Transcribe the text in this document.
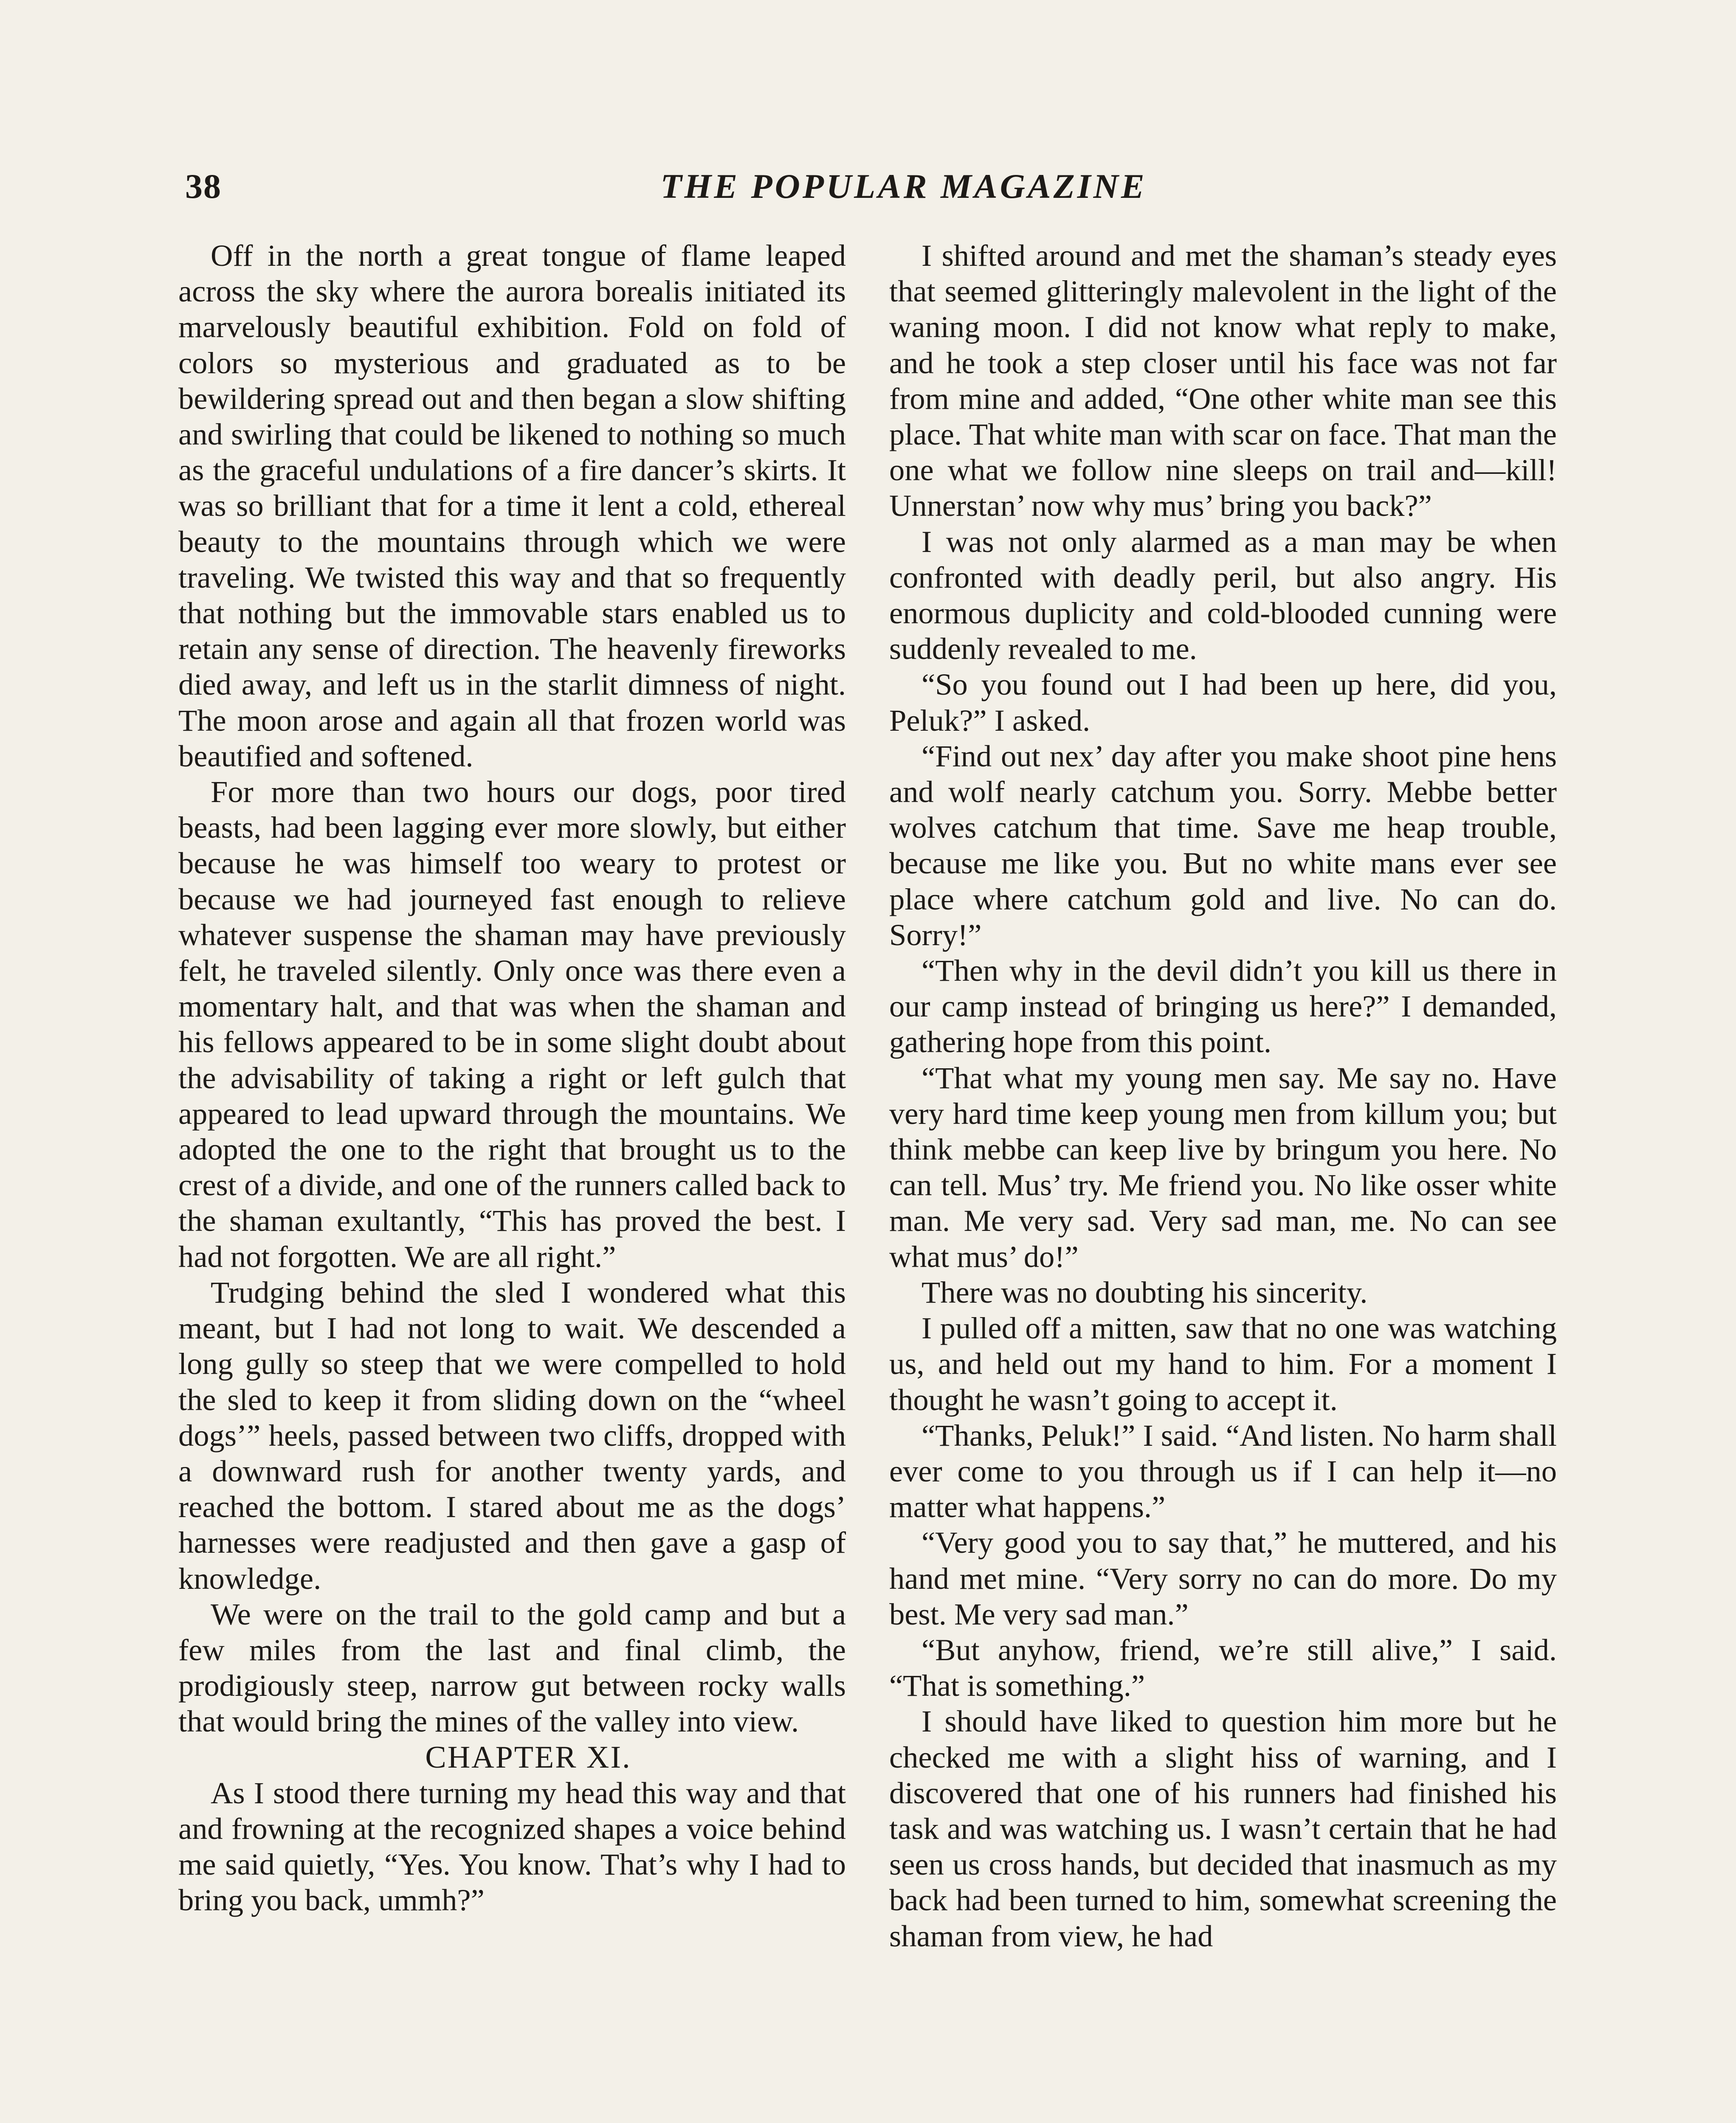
38	THE POPULAR MAGAZINE

Off in the north a great tongue of flame leaped across the sky where the aurora borealis initiated its marvelously beautiful exhibition. Fold on fold of colors so mysterious and graduated as to be bewildering spread out and then began a slow shifting and swirling that could be likened to nothing so much as the graceful undulations of a fire dancer’s skirts. It was so brilliant that for a time it lent a cold, ethereal beauty to the mountains through which we were traveling. We twisted this way and that so frequently that nothing but the immovable stars enabled us to retain any sense of direction. The heavenly fireworks died away, and left us in the starlit dimness of night. The moon arose and again all that frozen world was beautified and softened.

For more than two hours our dogs, poor tired beasts, had been lagging ever more slowly, but either because he was himself too weary to protest or because we had journeyed fast enough to relieve whatever suspense the shaman may have previously felt, he traveled silently. Only once was there even a momentary halt, and that was when the shaman and his fellows appeared to be in some slight doubt about the advisability of taking a right or left gulch that appeared to lead upward through the mountains. We adopted the one to the right that brought us to the crest of a divide, and one of the runners called back to the shaman exultantly, “This has proved the best. I had not forgotten. We are all right.”

Trudging behind the sled I wondered what this meant, but I had not long to wait. We descended a long gully so steep that we were compelled to hold the sled to keep it from sliding down on the “wheel dogs’” heels, passed between two cliffs, dropped with a downward rush for another twenty yards, and reached the bottom. I stared about me as the dogs’ harnesses were readjusted and then gave a gasp of knowledge.

We were on the trail to the gold camp and but a few miles from the last and final climb, the prodigiously steep, narrow gut between rocky walls that would bring the mines of the valley into view.

CHAPTER XI.

As I stood there turning my head this way and that and frowning at the recognized shapes a voice behind me said quietly, “Yes. You know. That’s why I had to bring you back, ummh?”

I shifted around and met the shaman’s steady eyes that seemed glitteringly malevolent in the light of the waning moon. I did not know what reply to make, and he took a step closer until his face was not far from mine and added, “One other white man see this place. That white man with scar on face. That man the one what we follow nine sleeps on trail and—kill! Unnerstan’ now why mus’ bring you back?”

I was not only alarmed as a man may be when confronted with deadly peril, but also angry. His enormous duplicity and cold-blooded cunning were suddenly revealed to me.

“So you found out I had been up here, did you, Peluk?” I asked.

“Find out nex’ day after you make shoot pine hens and wolf nearly catchum you. Sorry. Mebbe better wolves catchum that time. Save me heap trouble, because me like you. But no white mans ever see place where catchum gold and live. No can do. Sorry!”

“Then why in the devil didn’t you kill us there in our camp instead of bringing us here?” I demanded, gathering hope from this point.

“That what my young men say. Me say no. Have very hard time keep young men from killum you; but think mebbe can keep live by bringum you here. No can tell. Mus’ try. Me friend you. No like osser white man. Me very sad. Very sad man, me. No can see what mus’ do!”

There was no doubting his sincerity.

I pulled off a mitten, saw that no one was watching us, and held out my hand to him. For a moment I thought he wasn’t going to accept it.

“Thanks, Peluk!” I said. “And listen. No harm shall ever come to you through us if I can help it—no matter what happens.”

“Very good you to say that,” he muttered, and his hand met mine. “Very sorry no can do more. Do my best. Me very sad man.”

“But anyhow, friend, we’re still alive,” I said. “That is something.”

I should have liked to question him more but he checked me with a slight hiss of warning, and I discovered that one of his runners had finished his task and was watching us. I wasn’t certain that he had seen us cross hands, but decided that inasmuch as my back had been turned to him, somewhat screening the shaman from view, he had
